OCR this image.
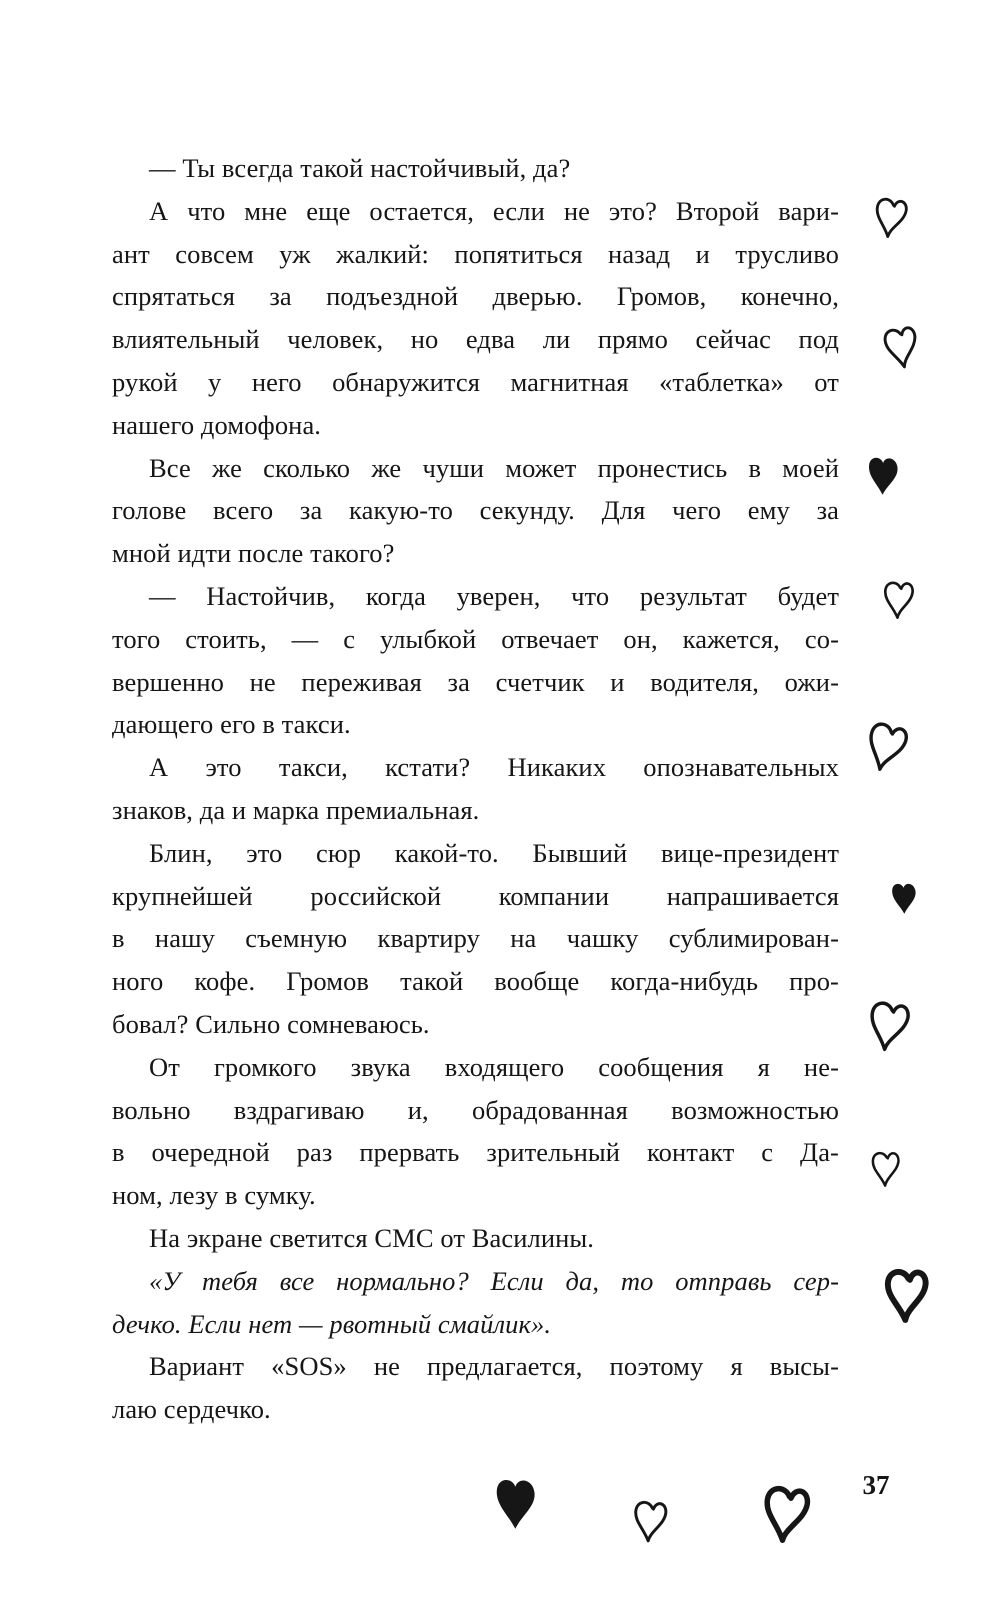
— Ты всегда такой настойчивый, да?
А что мне еще остается, если не это? Второй вари-
ант совсем уж жалкий: попятиться назад и трусливо
спрятаться за подъездной дверью. Громов, конечно,
влиятельный человек, но едва ли прямо сейчас под
рукой у него обнаружится магнитная «таблетка» от
нашего домофона.
Все же сколько же чуши может пронестись в моей
голове всего за какую-то секунду. Для чего ему за
мной идти после такого?
— Настойчив, когда уверен, что результат будет
того стоить, — с улыбкой отвечает он, кажется, со-
вершенно не переживая за счетчик и водителя, ожи-
дающего его в такси.
А это такси, кстати? Никаких опознавательных
знаков, да и марка премиальная.
Блин, это сюр какой-то. Бывший вице-президент
крупнейшей российской компании напрашивается
в нашу съемную квартиру на чашку сублимирован-
ного кофе. Громов такой вообще когда-нибудь про-
бовал? Сильно сомневаюсь.
От громкого звука входящего сообщения я не-
вольно вздрагиваю и, обрадованная возможностью
в очередной раз прервать зрительный контакт с Да-
ном, лезу в сумку.
На экране светится СМС от Василины.
«У тебя все нормально? Если да, то отправь сер-
дечко. Если нет — рвотный смайлик».
Вариант «SOS» не предлагается, поэтому я высы-
лаю сердечко.
37
